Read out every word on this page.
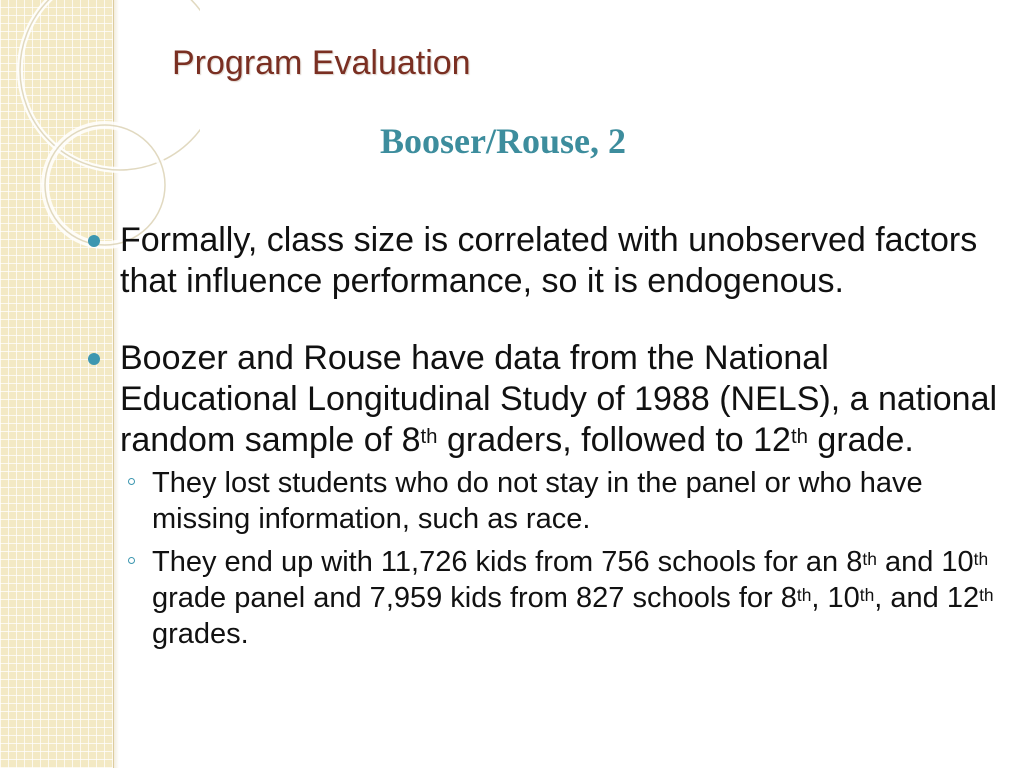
Program Evaluation
Booser/Rouse, 2

Formally, class size is correlated with unobserved factors that influence performance, so it is endogenous.

Boozer and Rouse have data from the National Educational Longitudinal Study of 1988 (NELS), a national random sample of 8th graders, followed to 12th grade.

They lost students who do not stay in the panel or who have missing information, such as race.

They end up with 11,726 kids from 756 schools for an 8th and 10th grade panel and 7,959 kids from 827 schools for 8th, 10th, and 12th grades.
